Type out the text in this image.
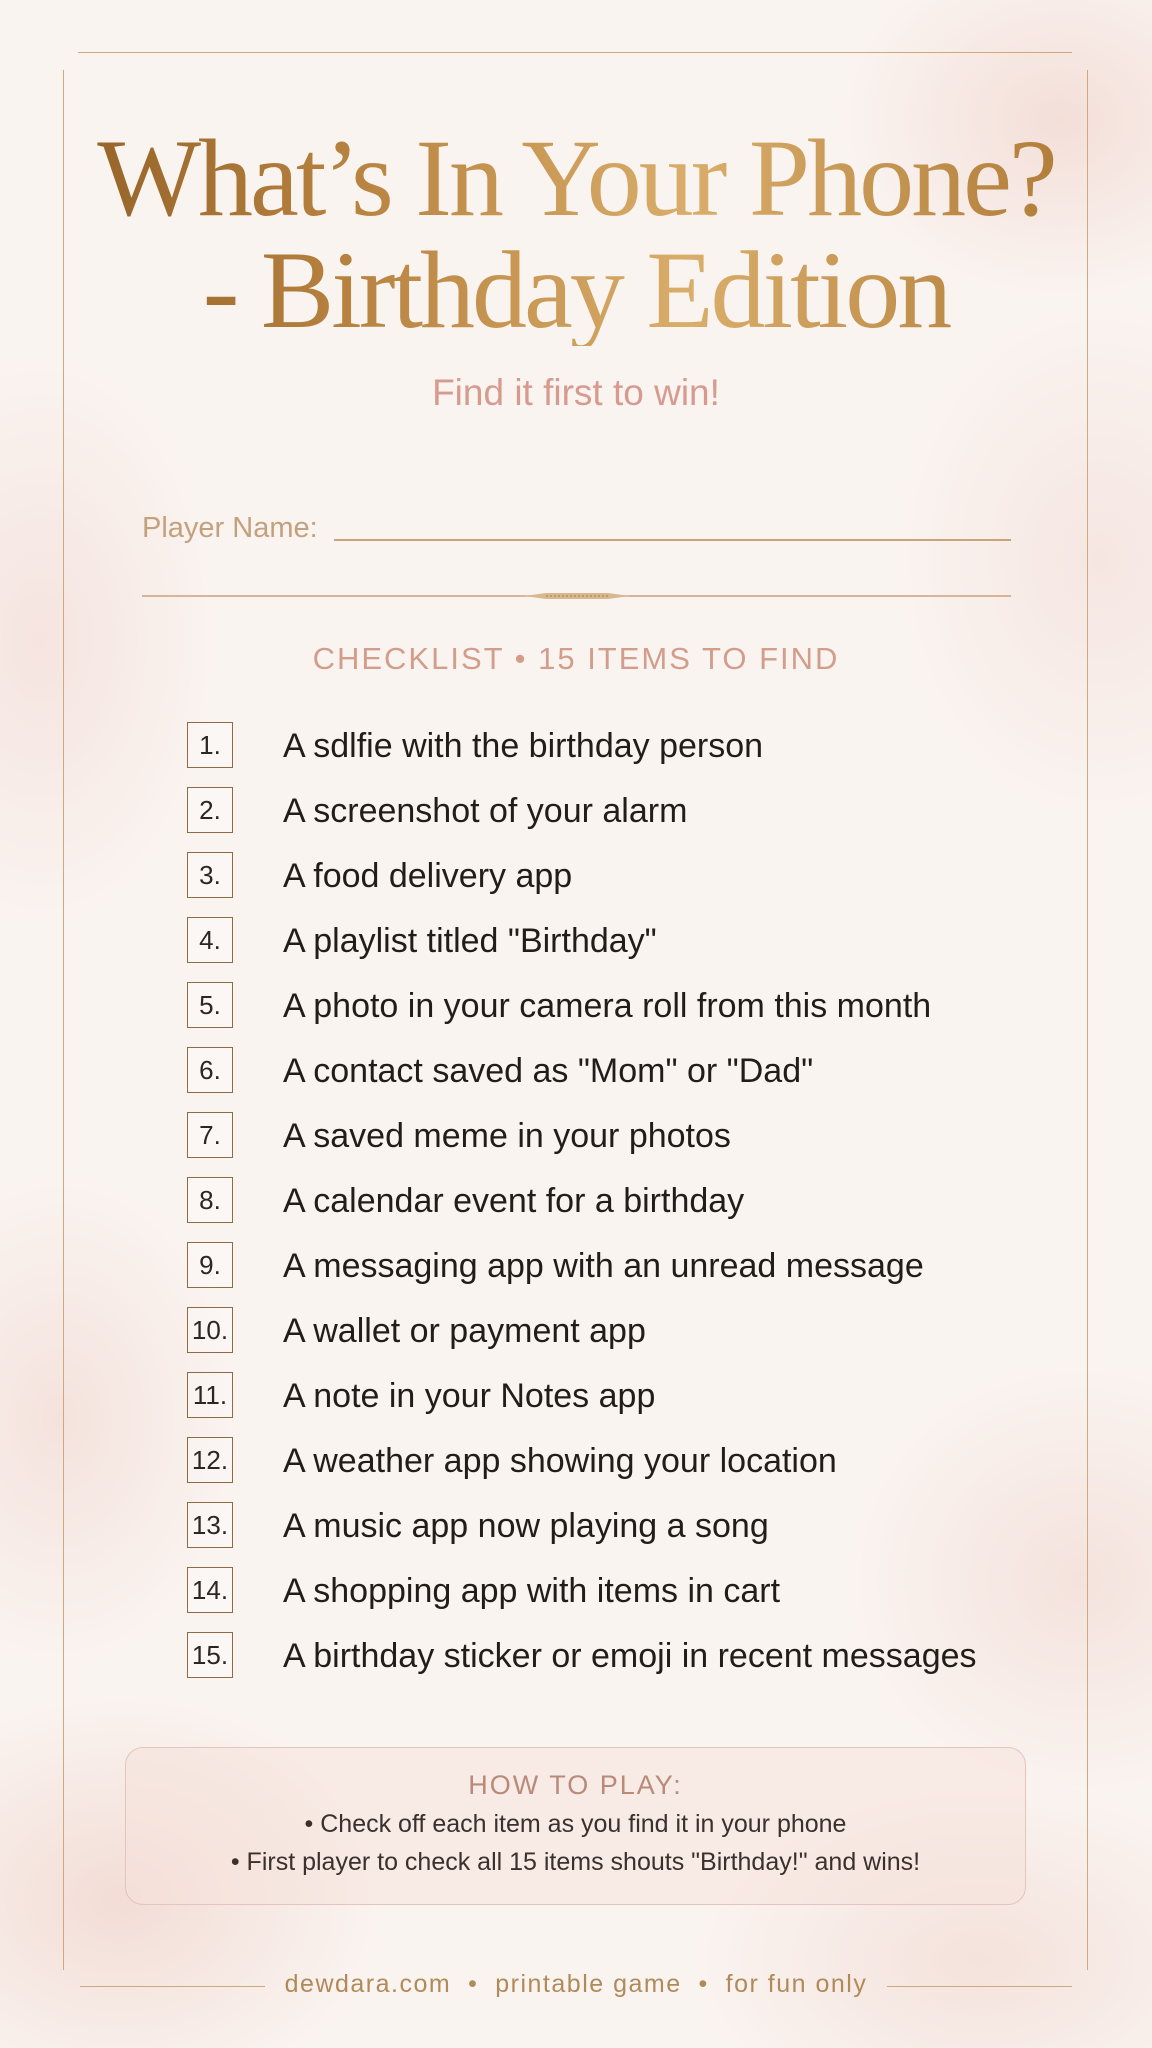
What’s In Your Phone?
- Birthday Edition
Find it first to win!
Player Name:
CHECKLIST • 15 ITEMS TO FIND
1.	A sdlfie with the birthday person
2.	A screenshot of your alarm
3.	A food delivery app
4.	A playlist titled "Birthday"
5.	A photo in your camera roll from this month
6.	A contact saved as "Mom" or "Dad"
7.	A saved meme in your photos
8.	A calendar event for a birthday
9.	A messaging app with an unread message
10. A wallet or payment app
11. A note in your Notes app
12. A weather app showing your location
13. A music app now playing a song
14. A shopping app with items in cart
15. A birthday sticker or emoji in recent messages
HOW TO PLAY:
• Check off each item as you find it in your phone
• First player to check all 15 items shouts "Birthday!" and wins!
dewdara.com  •  printable game  •  for fun only
